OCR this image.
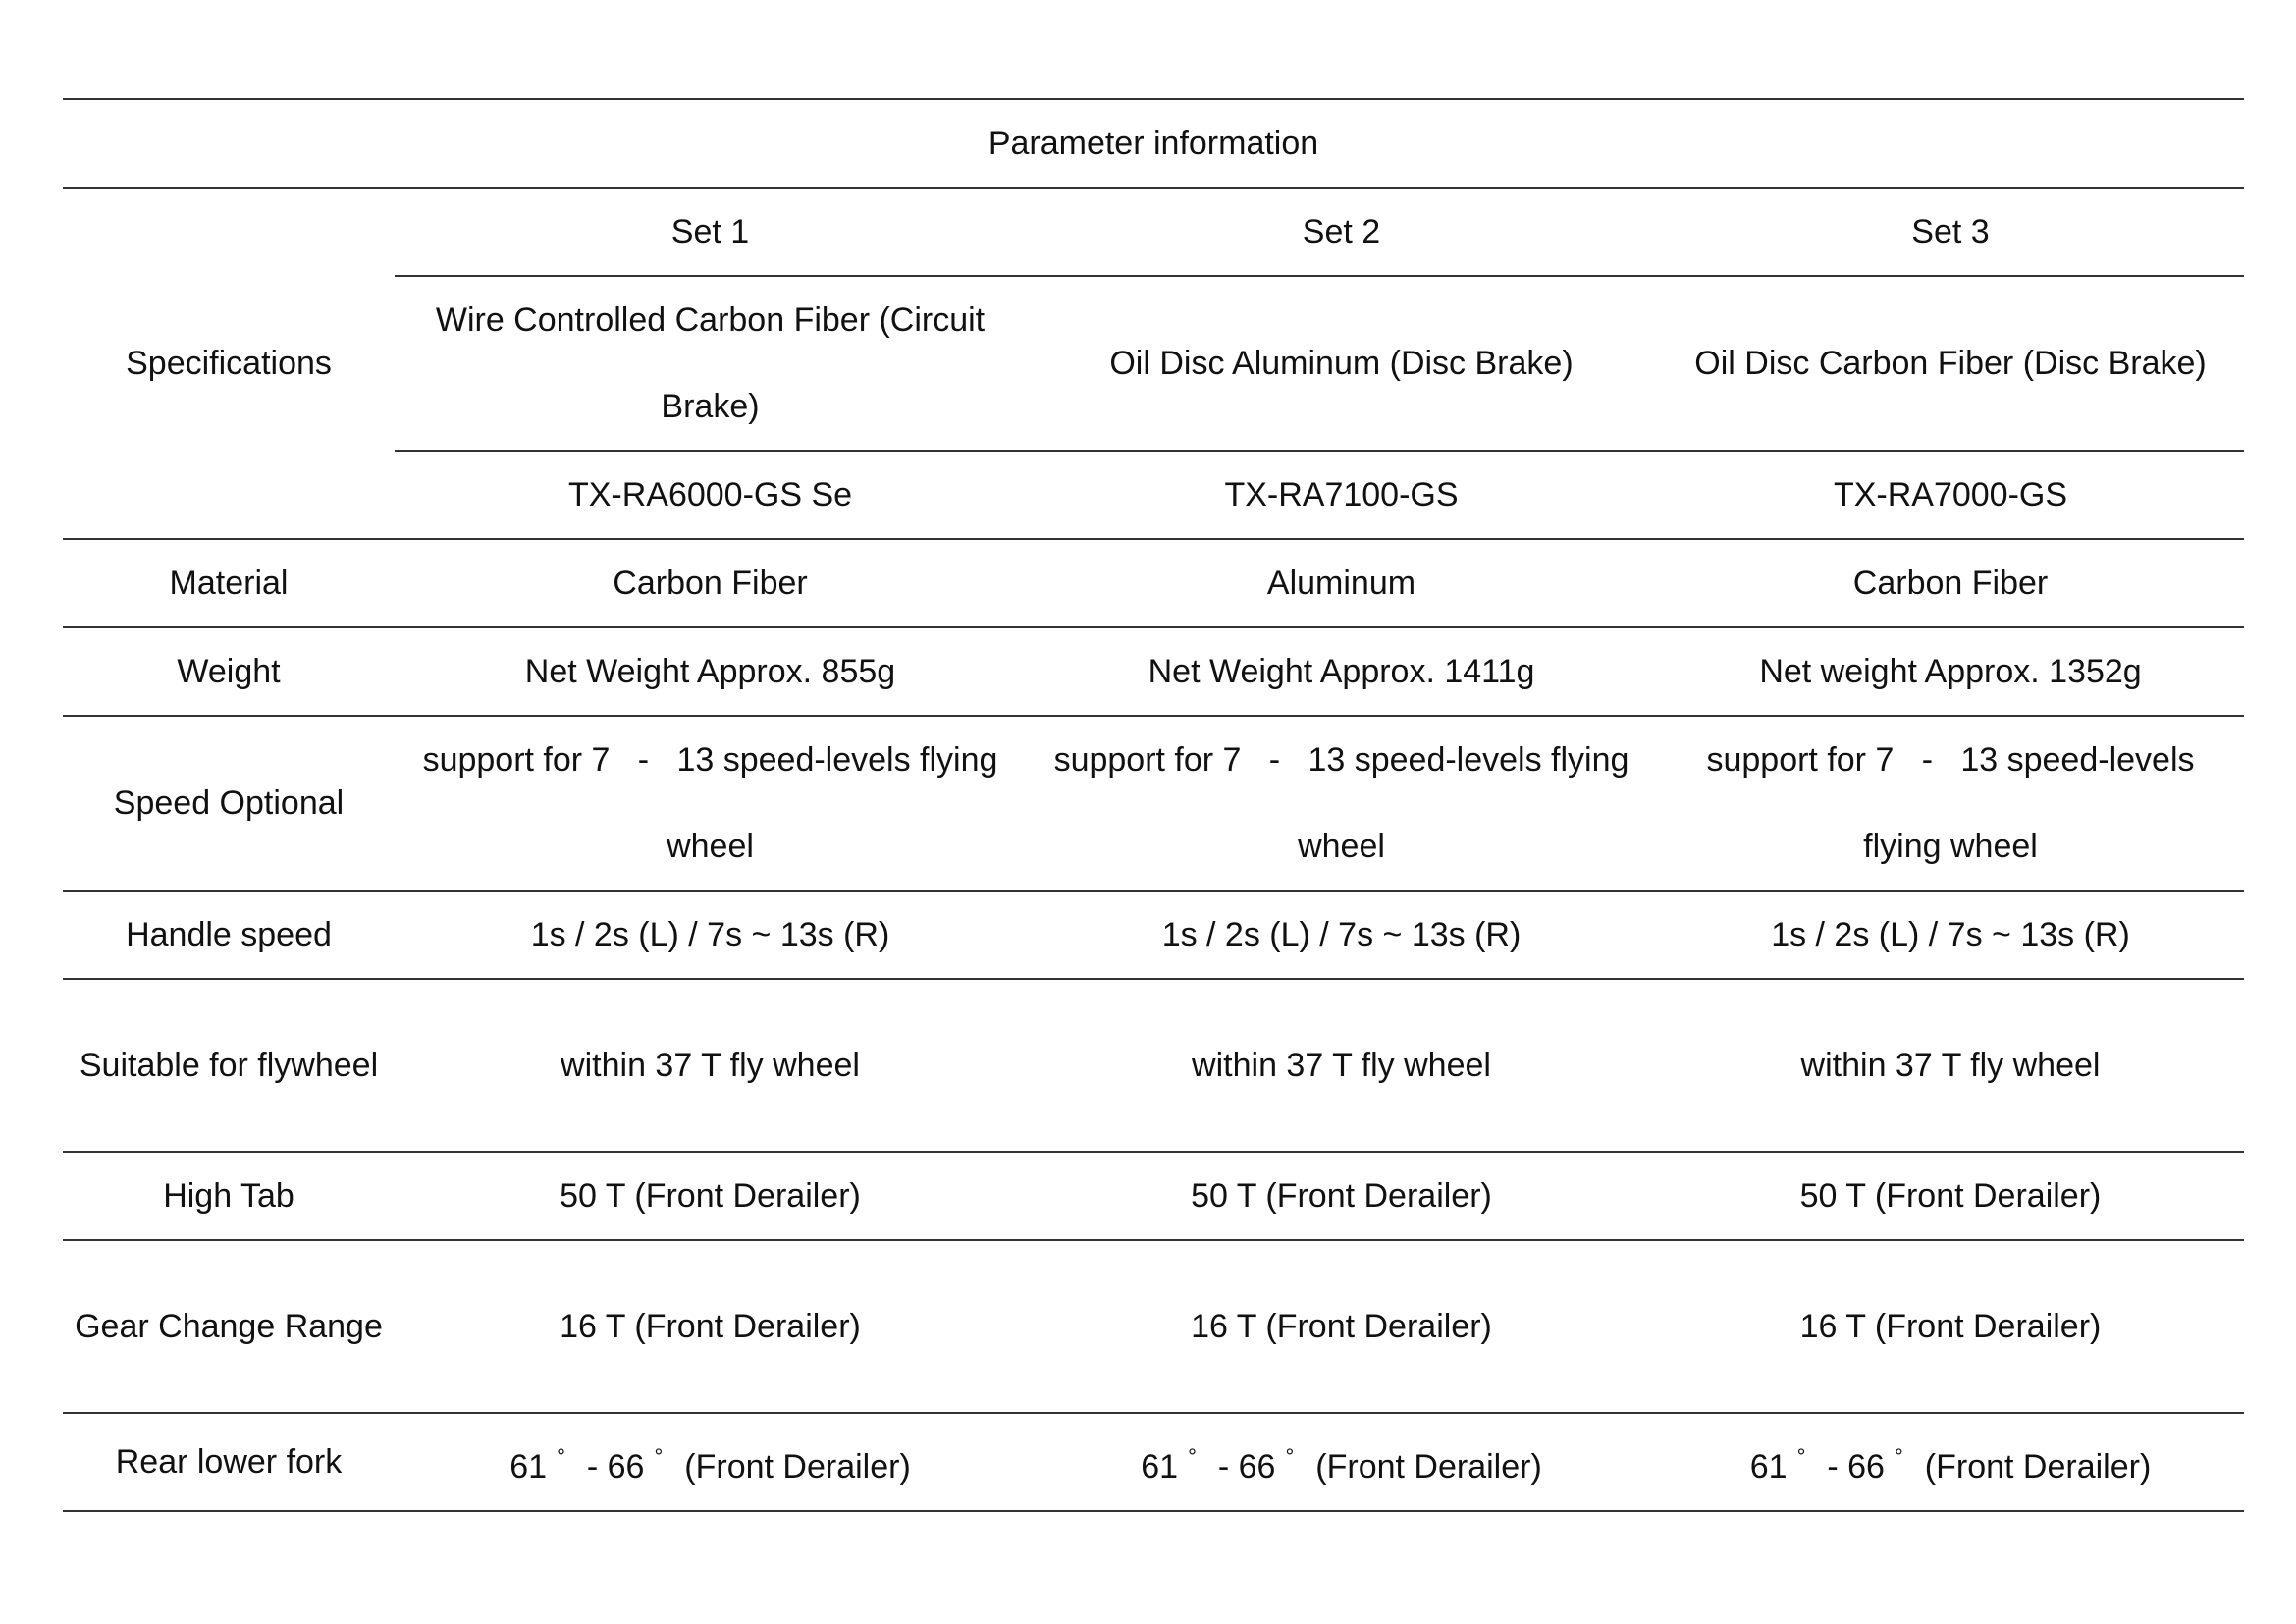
Parameter information			
Specifications	Set 1	Set 2	Set 3
	Wire Controlled Carbon Fiber (Circuit Brake)	Oil Disc Aluminum (Disc Brake)	Oil Disc Carbon Fiber (Disc Brake)
	TX-RA6000-GS Se	TX-RA7100-GS	TX-RA7000-GS
Material	Carbon Fiber	Aluminum	Carbon Fiber
Weight	Net Weight Approx. 855g	Net Weight Approx. 1411g	Net weight Approx. 1352g
Speed Optional	support for 7   -   13 speed-levels flying wheel	support for 7   -   13 speed-levels flying wheel	support for 7   -   13 speed-levels flying wheel
Handle speed	1s / 2s (L) / 7s ~ 13s (R)	1s / 2s (L) / 7s ~ 13s (R)	1s / 2s (L) / 7s ~ 13s (R)
Suitable for flywheel	within 37 T fly wheel	within 37 T fly wheel	within 37 T fly wheel
High Tab	50 T (Front Derailer)	50 T (Front Derailer)	50 T (Front Derailer)
Gear Change Range	16 T (Front Derailer)	16 T (Front Derailer)	16 T (Front Derailer)
Rear lower fork	61 ° - 66 ° (Front Derailer)	61 ° - 66 ° (Front Derailer)	61 ° - 66 ° (Front Derailer)
